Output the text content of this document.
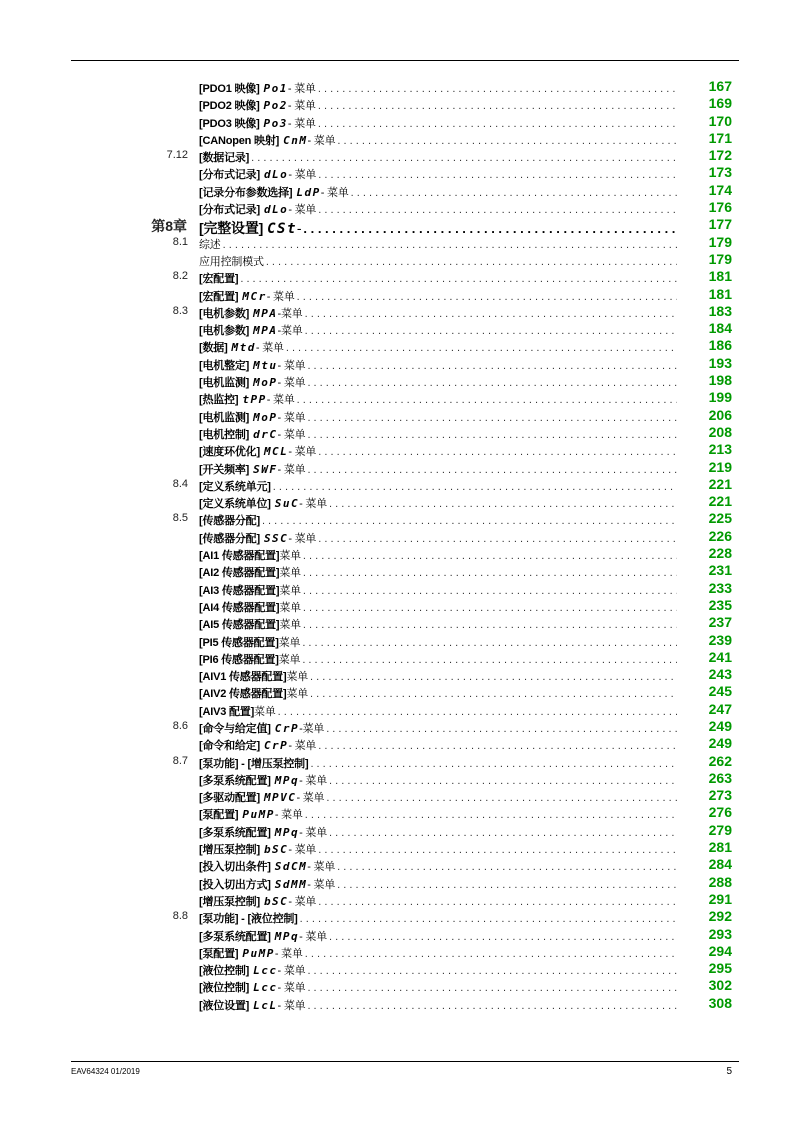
[PDO1 映像] Po1 - 菜单 . . .	167
[PDO2 映像] Po2 - 菜单 . . .	169
[PDO3 映像] Po3 - 菜单 . . .	170
[CANopen 映射] CnM - 菜单 . . .	171
7.12 [数据记录] . . .	172
[分布式记录] dLo - 菜单 . . .	173
[记录分布参数选择] LdP - 菜单 . . .	174
[分布式记录] dLo - 菜单 . . .	176
第8章 [完整设置] CSt - . . .	177
8.1 综述 . . .	179
应用控制模式 . . .	179
8.2 [宏配置] . . .	181
[宏配置] MCr - 菜单 . . .	181
8.3 [电机参数] MPA -菜单 . . .	183
[电机参数] MPA -菜单 . . .	184
[数据] Mtd - 菜单 . . .	186
[电机整定] Mtu - 菜单 . . .	193
[电机监测] MoP - 菜单 . . .	198
[热监控] tPP - 菜单 . . .	199
[电机监测] MoP - 菜单 . . .	206
[电机控制] drC - 菜单 . . .	208
[速度环优化] MCL - 菜单 . . .	213
[开关频率] SWF - 菜单 . . .	219
8.4 [定义系统单元] . . .	221
[定义系统单位] SuC - 菜单 . . .	221
8.5 [传感器分配] . . .	225
[传感器分配] SSC - 菜单 . . .	226
[AI1 传感器配置] 菜单 . . .	228
[AI2 传感器配置] 菜单 . . .	231
[AI3 传感器配置] 菜单 . . .	233
[AI4 传感器配置] 菜单 . . .	235
[AI5 传感器配置] 菜单 . . .	237
[PI5 传感器配置] 菜单 . . .	239
[PI6 传感器配置] 菜单 . . .	241
[AIV1 传感器配置] 菜单 . . .	243
[AIV2 传感器配置] 菜单 . . .	245
[AIV3 配置] 菜单 . . .	247
8.6 [命令与给定值] CrP -菜单 . . .	249
[命令和给定] CrP - 菜单 . . .	249
8.7 [泵功能] - [增压泵控制] . . .	262
[多泵系统配置] MPq - 菜单 . . .	263
[多驱动配置] MPVC - 菜单 . . .	273
[泵配置] PuMP - 菜单 . . .	276
[多泵系统配置] MPq - 菜单 . . .	279
[增压泵控制] bSC - 菜单 . . .	281
[投入切出条件] SdCM - 菜单 . . .	284
[投入切出方式] SdMM - 菜单 . . .	288
[增压泵控制] bSC - 菜单 . . .	291
8.8 [泵功能] - [液位控制] . . .	292
[多泵系统配置] MPq - 菜单 . . .	293
[泵配置] PuMP - 菜单 . . .	294
[液位控制] Lcc - 菜单 . . .	295
[液位控制] Lcc - 菜单 . . .	302
[液位设置] LcL - 菜单 . . .	308
EAV64324 01/2019	5
